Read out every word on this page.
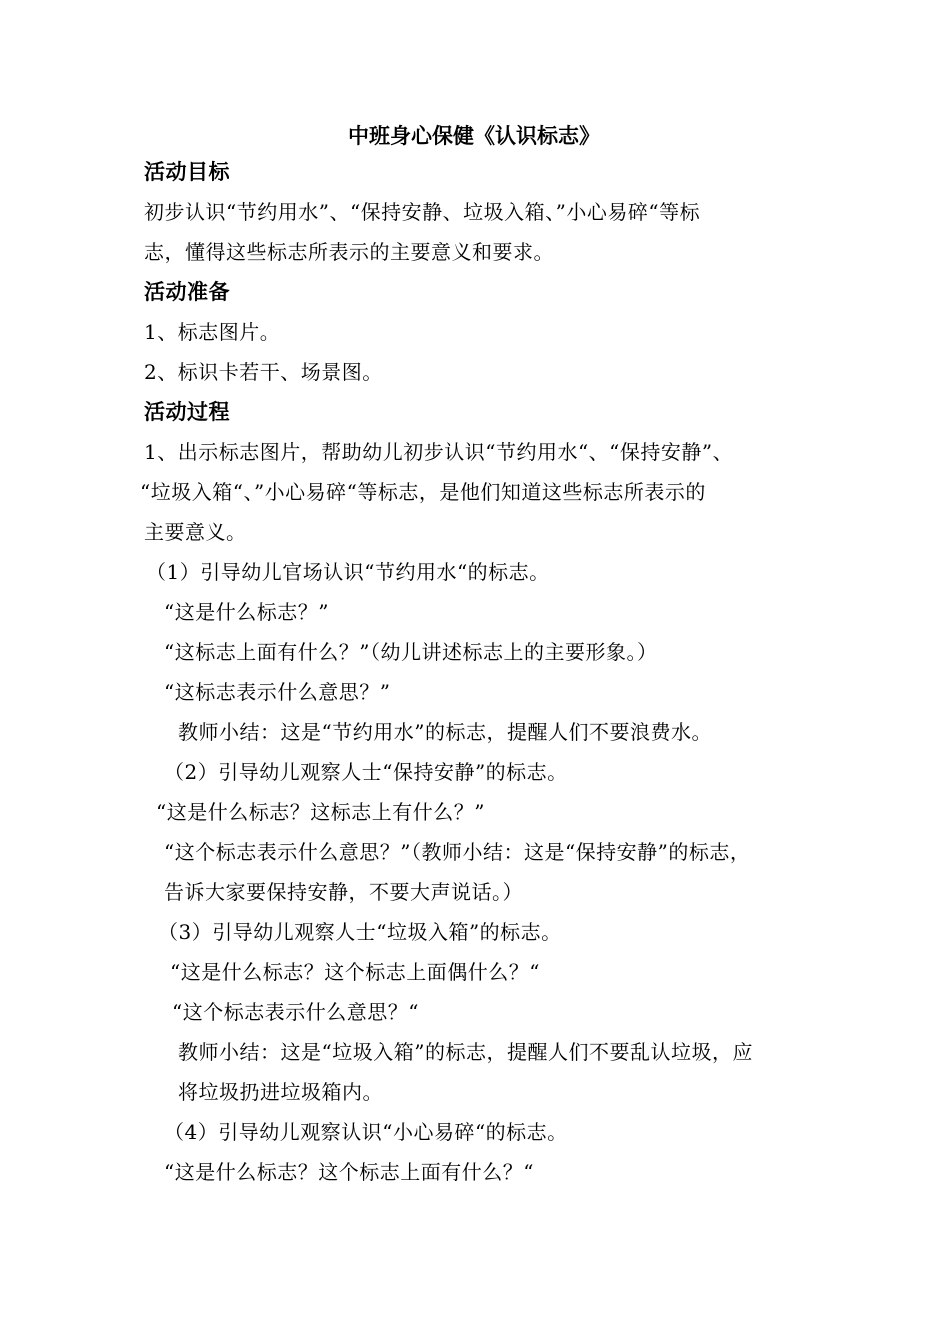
中班身心保健《认识标志》
活动目标
初步认识“节约用水”、“保持安静、垃圾入箱、”小心易碎“等标
志，懂得这些标志所表示的主要意义和要求。
活动准备
1、标志图片。
2、标识卡若干、场景图。
活动过程
1、出示标志图片，帮助幼儿初步认识“节约用水“、“保持安静”、
“垃圾入箱“、”小心易碎“等标志，是他们知道这些标志所表示的
主要意义。
（1）引导幼儿官场认识“节约用水“的标志。
“这是什么标志？”
“这标志上面有什么？”（幼儿讲述标志上的主要形象。）
“这标志表示什么意思？”
教师小结：这是“节约用水”的标志，提醒人们不要浪费水。
（2）引导幼儿观察人士“保持安静”的标志。
“这是什么标志？这标志上有什么？”
“这个标志表示什么意思？”（教师小结：这是“保持安静”的标志，
告诉大家要保持安静，不要大声说话。）
（3）引导幼儿观察人士“垃圾入箱”的标志。
“这是什么标志？这个标志上面偶什么？“
“这个标志表示什么意思？“
教师小结：这是“垃圾入箱”的标志，提醒人们不要乱认垃圾，应
将垃圾扔进垃圾箱内。
（4）引导幼儿观察认识“小心易碎“的标志。
“这是什么标志？这个标志上面有什么？“
